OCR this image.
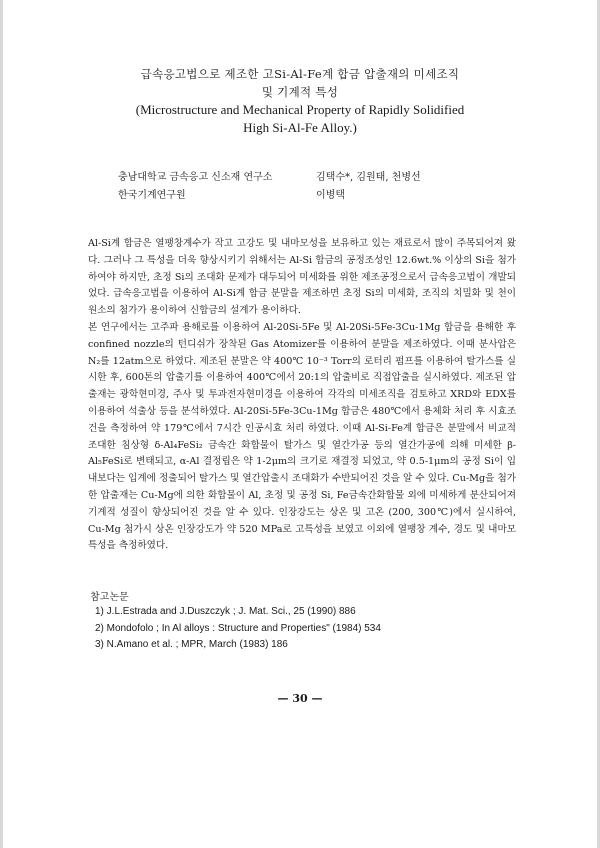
급속응고법으로 제조한 고Si-Al-Fe계 합금 압출재의 미세조직
및 기계적 특성
(Microstructure and Mechanical Property of Rapidly Solidified
High Si-Al-Fe Alloy.)
충남대학교 금속응고 신소재 연구소	김택수*, 김원태, 천병선
한국기계연구원	이병택

Al-Si계 합금은 열팽창계수가 작고 고강도 및 내마모성을 보유하고 있는 재료로서 많이 주목되어져 왔다. 그러나 그 특성을 더욱 향상시키기 위해서는 Al-Si 합금의 공정조성인 12.6wt.% 이상의 Si을 첨가하여야 하지만, 초정 Si의 조대화 문제가 대두되어 미세화를 위한 제조공정으로서 급속응고법이 개발되었다. 급속응고법을 이용하여 Al-Si계 합금 분말을 제조하면 초정 Si의 미세화, 조직의 치밀화 및 천이원소의 첨가가 용이하여 신합금의 설계가 용이하다.

본 연구에서는 고주파 용해로를 이용하여 Al-20Si-5Fe 및 Al-20Si-5Fe-3Cu-1Mg 합금을 용해한 후 confined nozzle의 턴디쉬가 장착된 Gas Atomizer를 이용하여 분말을 제조하였다. 이때 분사압은 N₂를 12atm으로 하였다. 제조된 분말은 약 400℃ 10⁻³ Torr의 로터리 펌프를 이용하여 탈가스를 실시한 후, 600톤의 압출기를 이용하여 400℃에서 20:1의 압출비로 직접압출을 실시하였다. 제조된 압출재는 광학현미경, 주사 및 투과전자현미경을 이용하여 각각의 미세조직을 검토하고 XRD와 EDX를 이용하여 석출상 등을 분석하였다. Al-20Si-5Fe-3Cu-1Mg 합금은 480℃에서 용체화 처리 후 시효조건을 측정하여 약 179℃에서 7시간 인공시효 처리 하였다. 이때 Al-Si-Fe계 합금은 분말에서 비교적 조대한 침상형 δ-Al₄FeSi₂ 금속간 화합물이 탈가스 및 열간가공 등의 열간가공에 의해 미세한 β-Al₅FeSi로 변태되고, α-Al 결정립은 약 1-2μm의 크기로 재결정 되었고, 약 0.5-1μm의 공정 Si이 입내보다는 입계에 정출되어 탈가스 및 열간압출시 조대화가 수반되어진 것을 알 수 있다. Cu-Mg을 첨가한 압출재는 Cu-Mg에 의한 화합물이 Al, 초정 및 공정 Si, Fe금속간화합물 외에 미세하게 분산되어져 기계적 성질이 향상되어진 것을 알 수 있다. 인장강도는 상온 및 고온 (200, 300℃)에서 실시하여, Cu-Mg 첨가시 상온 인장강도가 약 520 MPa로 고특성을 보였고 이외에 열팽창 계수, 경도 및 내마모 특성을 측정하였다.

참고논문
1) J.L.Estrada and J.Duszczyk ; J. Mat. Sci., 25 (1990) 886
2) Mondofolo ; In Al alloys : Structure and Properties" (1984) 534
3) N.Amano et al. ; MPR, March (1983) 186
— 30 —
